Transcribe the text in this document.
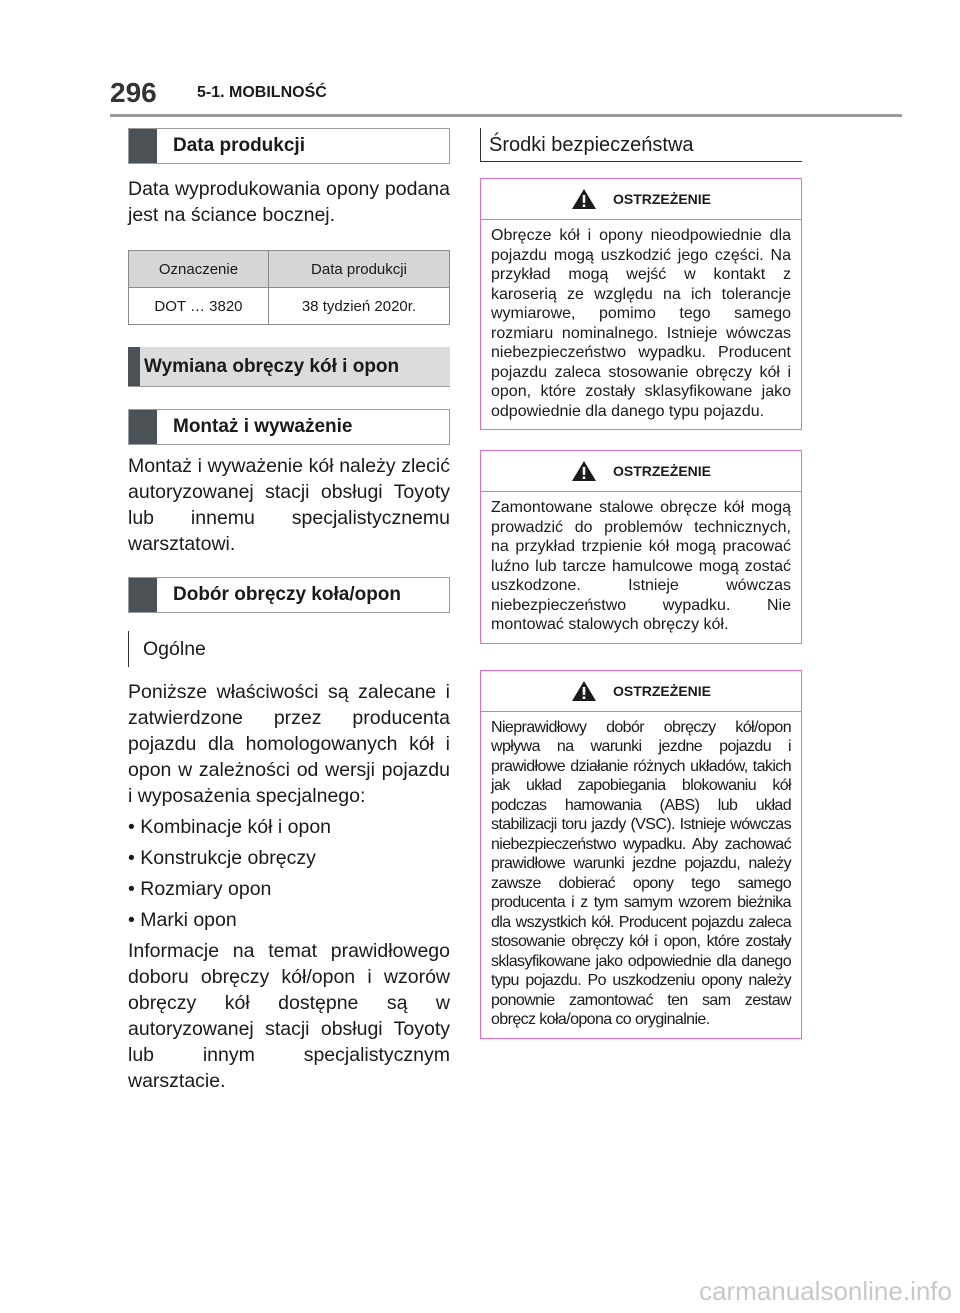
296	5-1. MOBILNOŚĆ
Data produkcji

Data wyprodukowania opony podana jest na ściance bocznej.

Oznaczenie	Data produkcji
DOT … 3820	38 tydzień 2020r.
Wymiana obręczy kół i opon
Montaż i wyważenie

Montaż i wyważenie kół należy zlecić autoryzowanej stacji obsługi Toyoty lub innemu specjalistycznemu warsztatowi.

Dobór obręczy koła/opon
Ogólne

Poniższe właściwości są zalecane i zatwierdzone przez producenta pojazdu dla homologowanych kół i opon w zależności od wersji pojazdu i wyposażenia specjalnego:

• Kombinacje kół i opon

• Konstrukcje obręczy

• Rozmiary opon

• Marki opon

Informacje na temat prawidłowego doboru obręczy kół/opon i wzorów obręczy kół dostępne są w autoryzowanej stacji obsługi Toyoty lub innym specjalistycznym warsztacie.

Środki bezpieczeństwa
OSTRZEŻENIE
Obręcze kół i opony nieodpowiednie dla pojazdu mogą uszkodzić jego części. Na przykład mogą wejść w kontakt z karoserią ze względu na ich tolerancje wymiarowe, pomimo tego samego rozmiaru nominalnego. Istnieje wówczas niebezpieczeństwo wypadku. Producent pojazdu zaleca stosowanie obręczy kół i opon, które zostały sklasyfikowane jako odpowiednie dla danego typu pojazdu.
OSTRZEŻENIE
Zamontowane stalowe obręcze kół mogą prowadzić do problemów technicznych, na przykład trzpienie kół mogą pracować luźno lub tarcze hamulcowe mogą zostać uszkodzone. Istnieje wówczas niebezpieczeństwo wypadku. Nie montować stalowych obręczy kół.
OSTRZEŻENIE
Nieprawidłowy dobór obręczy kół/opon wpływa na warunki jezdne pojazdu i prawidłowe działanie różnych układów, takich jak układ zapobiegania blokowaniu kół podczas hamowania (ABS) lub układ stabilizacji toru jazdy (VSC). Istnieje wówczas niebezpieczeństwo wypadku. Aby zachować prawidłowe warunki jezdne pojazdu, należy zawsze dobierać opony tego samego producenta i z tym samym wzorem bieżnika dla wszystkich kół. Producent pojazdu zaleca stosowanie obręczy kół i opon, które zostały sklasyfikowane jako odpowiednie dla danego typu pojazdu. Po uszkodzeniu opony należy ponownie zamontować ten sam zestaw obręcz koła/opona co oryginalnie.
carmanualsonline.info
